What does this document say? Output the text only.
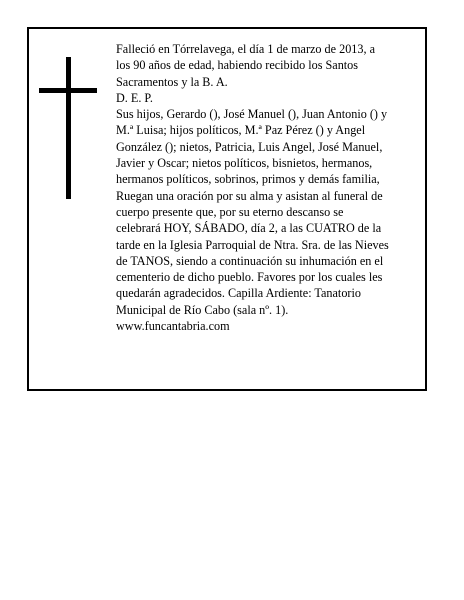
Falleció en Tórrelavega, el día 1 de marzo de 2013, a
los 90 años de edad, habiendo recibido los Santos
Sacramentos y la B. A.
D. E. P.
Sus hijos, Gerardo (), José Manuel (), Juan Antonio () y
M.ª Luisa; hijos políticos, M.ª Paz Pérez () y Angel
González (); nietos, Patricia, Luis Angel, José Manuel,
Javier y Oscar; nietos políticos, bisnietos, hermanos,
hermanos políticos, sobrinos, primos y demás familia,
Ruegan una oración por su alma y asistan al funeral de
cuerpo presente que, por su eterno descanso se
celebrará HOY, SÁBADO, día 2, a las CUATRO de la
tarde en la Iglesia Parroquial de Ntra. Sra. de las Nieves
de TANOS, siendo a continuación su inhumación en el
cementerio de dicho pueblo. Favores por los cuales les
quedarán agradecidos. Capilla Ardiente: Tanatorio
Municipal de Río Cabo (sala nº. 1).
www.funcantabria.com
